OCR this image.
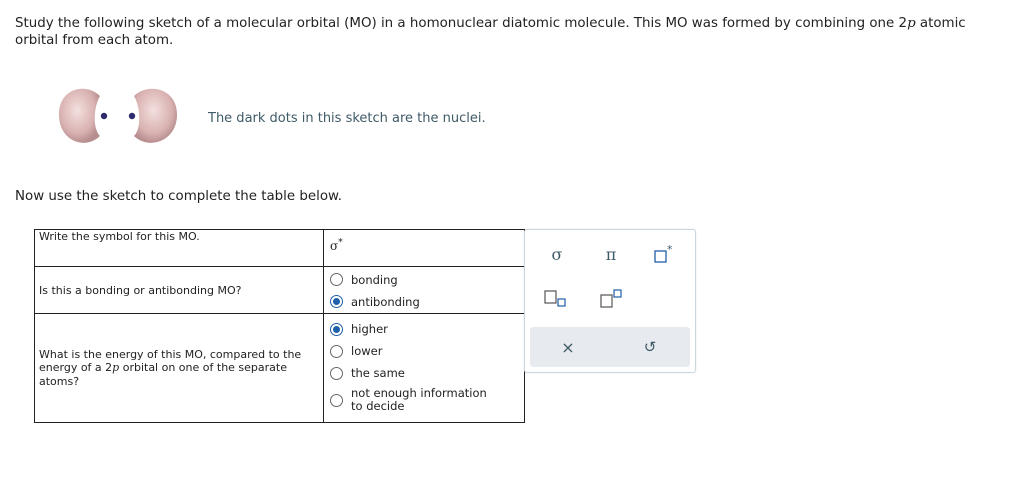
Study the following sketch of a molecular orbital (MO) in a homonuclear diatomic molecule. This MO was formed by combining one 2p atomic orbital from each atom.
The dark dots in this sketch are the nuclei.
Now use the sketch to complete the table below.
Write the symbol for this MO.	σ*
Is this a bonding or antibonding MO?	bonding
antibonding

What is the energy of this MO, compared to the energy of a 2p orbital on one of the separate atoms?	higher
lower
the same
not enough information to decide
σ	π	*
×	↺
